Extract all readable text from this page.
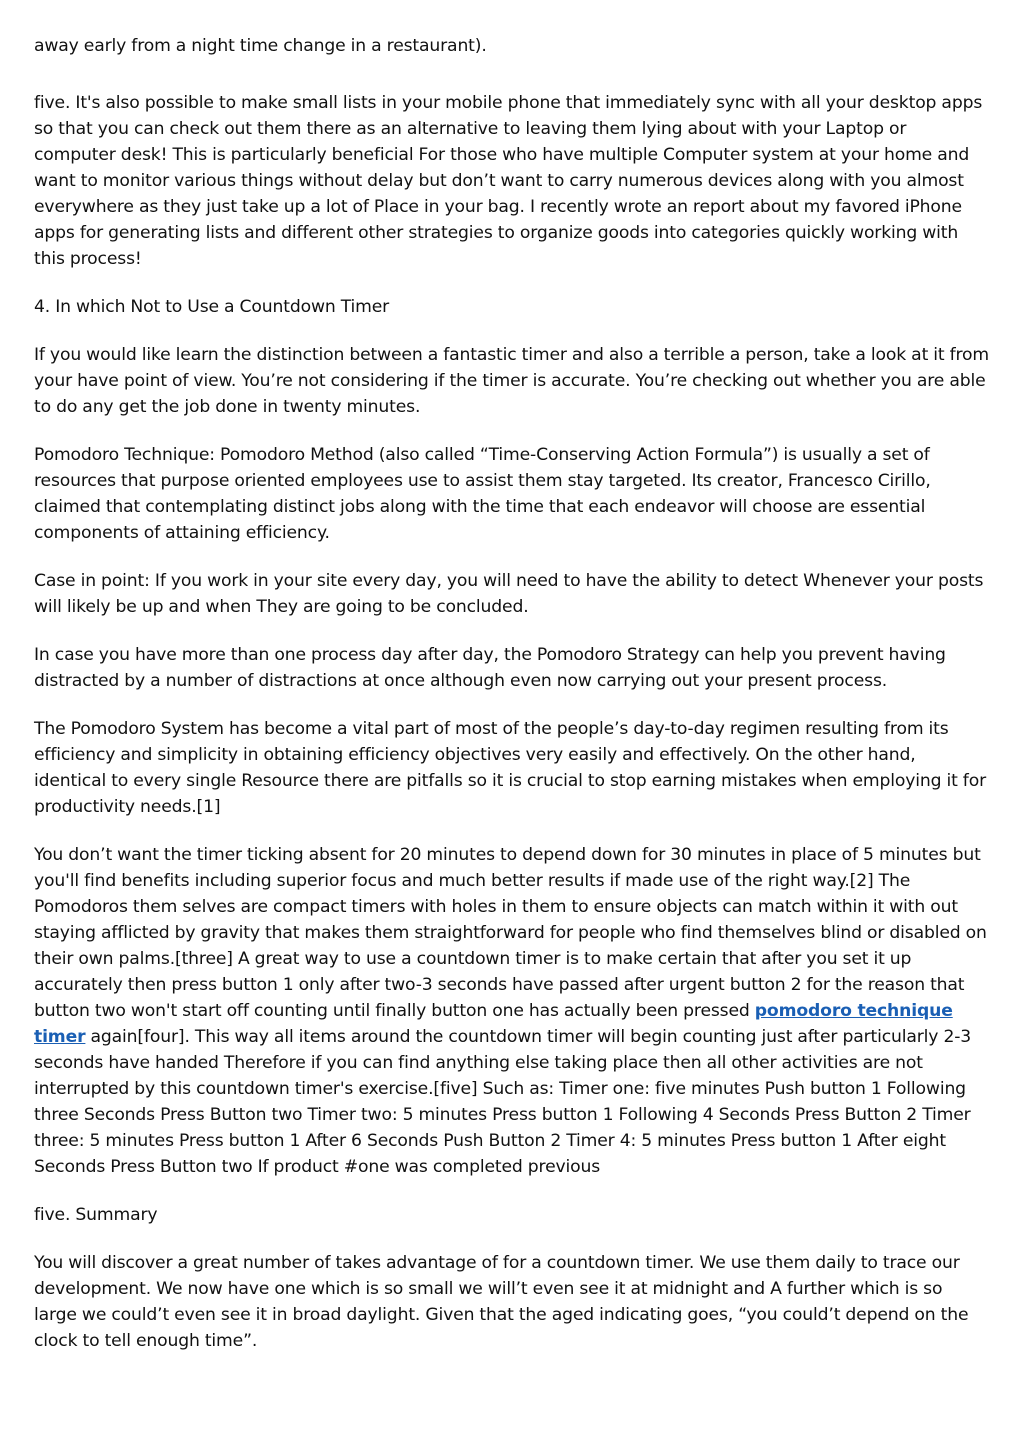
away early from a night time change in a restaurant).

five. It's also possible to make small lists in your mobile phone that immediately sync with all your desktop apps so that you can check out them there as an alternative to leaving them lying about with your Laptop or computer desk! This is particularly beneficial For those who have multiple Computer system at your home and want to monitor various things without delay but don’t want to carry numerous devices along with you almost everywhere as they just take up a lot of Place in your bag. I recently wrote an report about my favored iPhone apps for generating lists and different other strategies to organize goods into categories quickly working with this process!

4. In which Not to Use a Countdown Timer

If you would like learn the distinction between a fantastic timer and also a terrible a person, take a look at it from your have point of view. You’re not considering if the timer is accurate. You’re checking out whether you are able to do any get the job done in twenty minutes.

Pomodoro Technique: Pomodoro Method (also called “Time-Conserving Action Formula”) is usually a set of resources that purpose oriented employees use to assist them stay targeted. Its creator, Francesco Cirillo, claimed that contemplating distinct jobs along with the time that each endeavor will choose are essential components of attaining efficiency.

Case in point: If you work in your site every day, you will need to have the ability to detect Whenever your posts will likely be up and when They are going to be concluded.

In case you have more than one process day after day, the Pomodoro Strategy can help you prevent having distracted by a number of distractions at once although even now carrying out your present process.

The Pomodoro System has become a vital part of most of the people’s day-to-day regimen resulting from its efficiency and simplicity in obtaining efficiency objectives very easily and effectively. On the other hand, identical to every single Resource there are pitfalls so it is crucial to stop earning mistakes when employing it for productivity needs.[1]

You don’t want the timer ticking absent for 20 minutes to depend down for 30 minutes in place of 5 minutes but you'll find benefits including superior focus and much better results if made use of the right way.[2] The Pomodoros them selves are compact timers with holes in them to ensure objects can match within it with out staying afflicted by gravity that makes them straightforward for people who find themselves blind or disabled on their own palms.[three] A great way to use a countdown timer is to make certain that after you set it up accurately then press button 1 only after two-3 seconds have passed after urgent button 2 for the reason that button two won't start off counting until finally button one has actually been pressed pomodoro technique timer again[four]. This way all items around the countdown timer will begin counting just after particularly 2-3 seconds have handed Therefore if you can find anything else taking place then all other activities are not interrupted by this countdown timer's exercise.[five] Such as: Timer one: five minutes Push button 1 Following three Seconds Press Button two Timer two: 5 minutes Press button 1 Following 4 Seconds Press Button 2 Timer three: 5 minutes Press button 1 After 6 Seconds Push Button 2 Timer 4: 5 minutes Press button 1 After eight Seconds Press Button two If product #one was completed previous

five. Summary

You will discover a great number of takes advantage of for a countdown timer. We use them daily to trace our development. We now have one which is so small we will’t even see it at midnight and A further which is so large we could’t even see it in broad daylight. Given that the aged indicating goes, “you could’t depend on the clock to tell enough time”.
